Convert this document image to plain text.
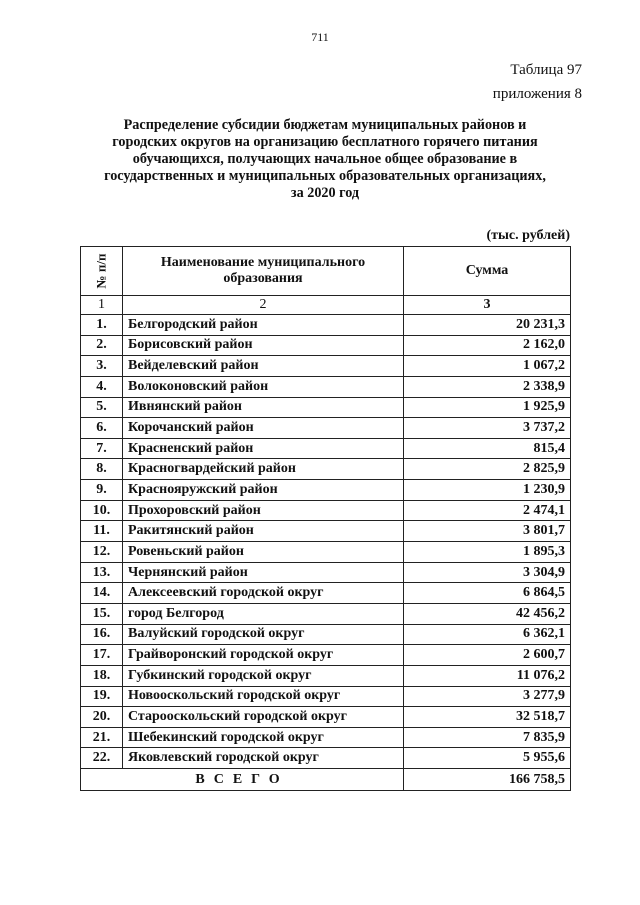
711
Таблица 97
приложения 8
Распределение субсидии бюджетам муниципальных районов и
городских округов на организацию бесплатного горячего питания
обучающихся, получающих начальное общее образование в
государственных и муниципальных образовательных организациях,
за 2020 год
(тыс. рублей)
№ п/п	Наименование муниципального образования	Сумма
1	2	3
1.	Белгородский район	20 231,3
2.	Борисовский район	2 162,0
3.	Вейделевский район	1 067,2
4.	Волоконовский район	2 338,9
5.	Ивнянский район	1 925,9
6.	Корочанский район	3 737,2
7.	Красненский район	815,4
8.	Красногвардейский район	2 825,9
9.	Краснояружский район	1 230,9
10.	Прохоровский район	2 474,1
11.	Ракитянский район	3 801,7
12.	Ровеньский район	1 895,3
13.	Чернянский район	3 304,9
14.	Алексеевский городской округ	6 864,5
15.	город Белгород	42 456,2
16.	Валуйский городской округ	6 362,1
17.	Грайворонский городской округ	2 600,7
18.	Губкинский городской округ	11 076,2
19.	Новооскольский городской округ	3 277,9
20.	Старооскольский городской округ	32 518,7
21.	Шебекинский городской округ	7 835,9
22.	Яковлевский городской округ	5 955,6
ВСЕГО		166 758,5
